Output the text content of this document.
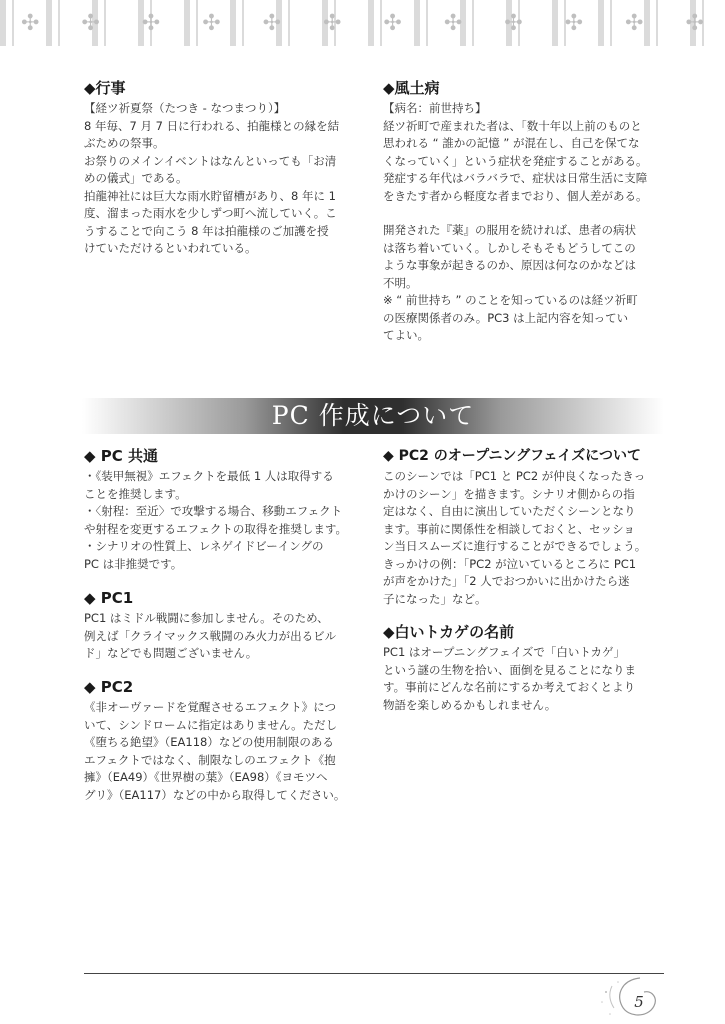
✣ ✣ ✣ ✣ ✣ ✣ ✣ ✣ ✣ ✣ ✣ ✣
◆行事

【経ツ祈夏祭（たつき - なつまつり）】

8 年毎、7 月 7 日に行われる、拍龍様との縁を結

ぶための祭事。

お祭りのメインイベントはなんといっても「お清

めの儀式」である。

拍龍神社には巨大な雨水貯留槽があり、8 年に 1

度、溜まった雨水を少しずつ町へ流していく。こ

うすることで向こう 8 年は拍龍様のご加護を授

けていただけるといわれている。

◆風土病

【病名：前世持ち】

経ツ祈町で産まれた者は、「数十年以上前のものと

思われる “ 誰かの記憶 ” が混在し、自己を保てな

くなっていく」という症状を発症することがある。

発症する年代はバラバラで、症状は日常生活に支障

をきたす者から軽度な者までおり、個人差がある。

開発された『薬』の服用を続ければ、患者の病状

は落ち着いていく。しかしそもそもどうしてこの

ような事象が起きるのか、原因は何なのかなどは

不明。

※ “ 前世持ち ” のことを知っているのは経ツ祈町

の医療関係者のみ。PC3 は上記内容を知ってい

てよい。

PC 作成について
◆ PC 共通

・《装甲無視》エフェクトを最低 1 人は取得する

ことを推奨します。

・〈射程：至近〉で攻撃する場合、移動エフェクト

や射程を変更するエフェクトの取得を推奨します。

・シナリオの性質上、レネゲイドビーイングの

PC は非推奨です。

◆ PC1

PC1 はミドル戦闘に参加しません。そのため、

例えば「クライマックス戦闘のみ火力が出るビル

ド」などでも問題ございません。

◆ PC2

《非オーヴァードを覚醒させるエフェクト》につ

いて、シンドロームに指定はありません。ただし

《堕ちる絶望》（EA118）などの使用制限のある

エフェクトではなく、制限なしのエフェクト《抱

擁》（EA49）《世界樹の葉》（EA98）《ヨモツヘ

グリ》（EA117）などの中から取得してください。

◆ PC2 のオープニングフェイズについて

このシーンでは「PC1 と PC2 が仲良くなったきっ

かけのシーン」を描きます。シナリオ側からの指

定はなく、自由に演出していただくシーンとなり

ます。事前に関係性を相談しておくと、セッショ

ン当日スムーズに進行することができるでしょう。

きっかけの例：「PC2 が泣いているところに PC1

が声をかけた」「2 人でおつかいに出かけたら迷

子になった」など。

◆白いトカゲの名前

PC1 はオープニングフェイズで「白いトカゲ」

という謎の生物を拾い、面倒を見ることになりま

す。事前にどんな名前にするか考えておくとより

物語を楽しめるかもしれません。

5
